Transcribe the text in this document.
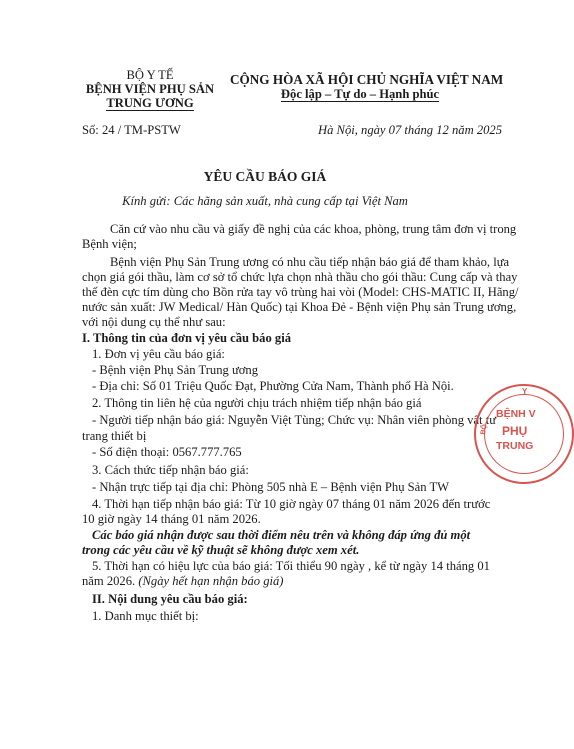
BỘ Y TẾ
BỆNH VIỆN PHỤ SẢN
TRUNG ƯƠNG
Số: 24 / TM-PSTW
CỘNG HÒA XÃ HỘI CHỦ NGHĨA VIỆT NAM
Độc lập – Tự do – Hạnh phúc
Hà Nội, ngày 07 tháng 12 năm 2025
YÊU CẦU BÁO GIÁ
Kính gửi: Các hãng sản xuất, nhà cung cấp tại Việt Nam
Căn cứ vào nhu cầu và giấy đề nghị của các khoa, phòng, trung tâm đơn vị trong
Bệnh viện;
Bệnh viện Phụ Sản Trung ương có nhu cầu tiếp nhận báo giá để tham khảo, lựa
chọn giá gói thầu, làm cơ sở tổ chức lựa chọn nhà thầu cho gói thầu: Cung cấp và thay
thế đèn cực tím dùng cho Bồn rửa tay vô trùng hai vòi (Model: CHS-MATIC II, Hãng/
nước sản xuất: JW Medical/ Hàn Quốc) tại Khoa Đẻ - Bệnh viện Phụ sản Trung ương,
với nội dung cụ thể như sau:
I. Thông tin của đơn vị yêu cầu báo giá
1. Đơn vị yêu cầu báo giá:
- Bệnh viện Phụ Sản Trung ương
- Địa chỉ: Số 01 Triệu Quốc Đạt, Phường Cửa Nam, Thành phố Hà Nội.
2. Thông tin liên hệ của người chịu trách nhiệm tiếp nhận báo giá
- Người tiếp nhận báo giá: Nguyễn Việt Tùng; Chức vụ: Nhân viên phòng vật tư
trang thiết bị
- Số điện thoại: 0567.777.765
3. Cách thức tiếp nhận báo giá:
- Nhận trực tiếp tại địa chỉ: Phòng 505 nhà E – Bệnh viện Phụ Sản TW
4. Thời hạn tiếp nhận báo giá: Từ 10 giờ ngày 07 tháng 01 năm 2026 đến trước
10 giờ ngày 14 tháng 01 năm 2026.
Các báo giá nhận được sau thời điểm nêu trên và không đáp ứng đủ một
trong các yêu cầu về kỹ thuật sẽ không được xem xét.
5. Thời hạn có hiệu lực của báo giá: Tối thiểu 90 ngày , kể từ ngày 14 tháng 01
năm 2026. (Ngày hết hạn nhận báo giá)
II. Nội dung yêu cầu báo giá:
1. Danh mục thiết bị:
Y
BỆNH V
PHỤ
TRUNG
BỘ
